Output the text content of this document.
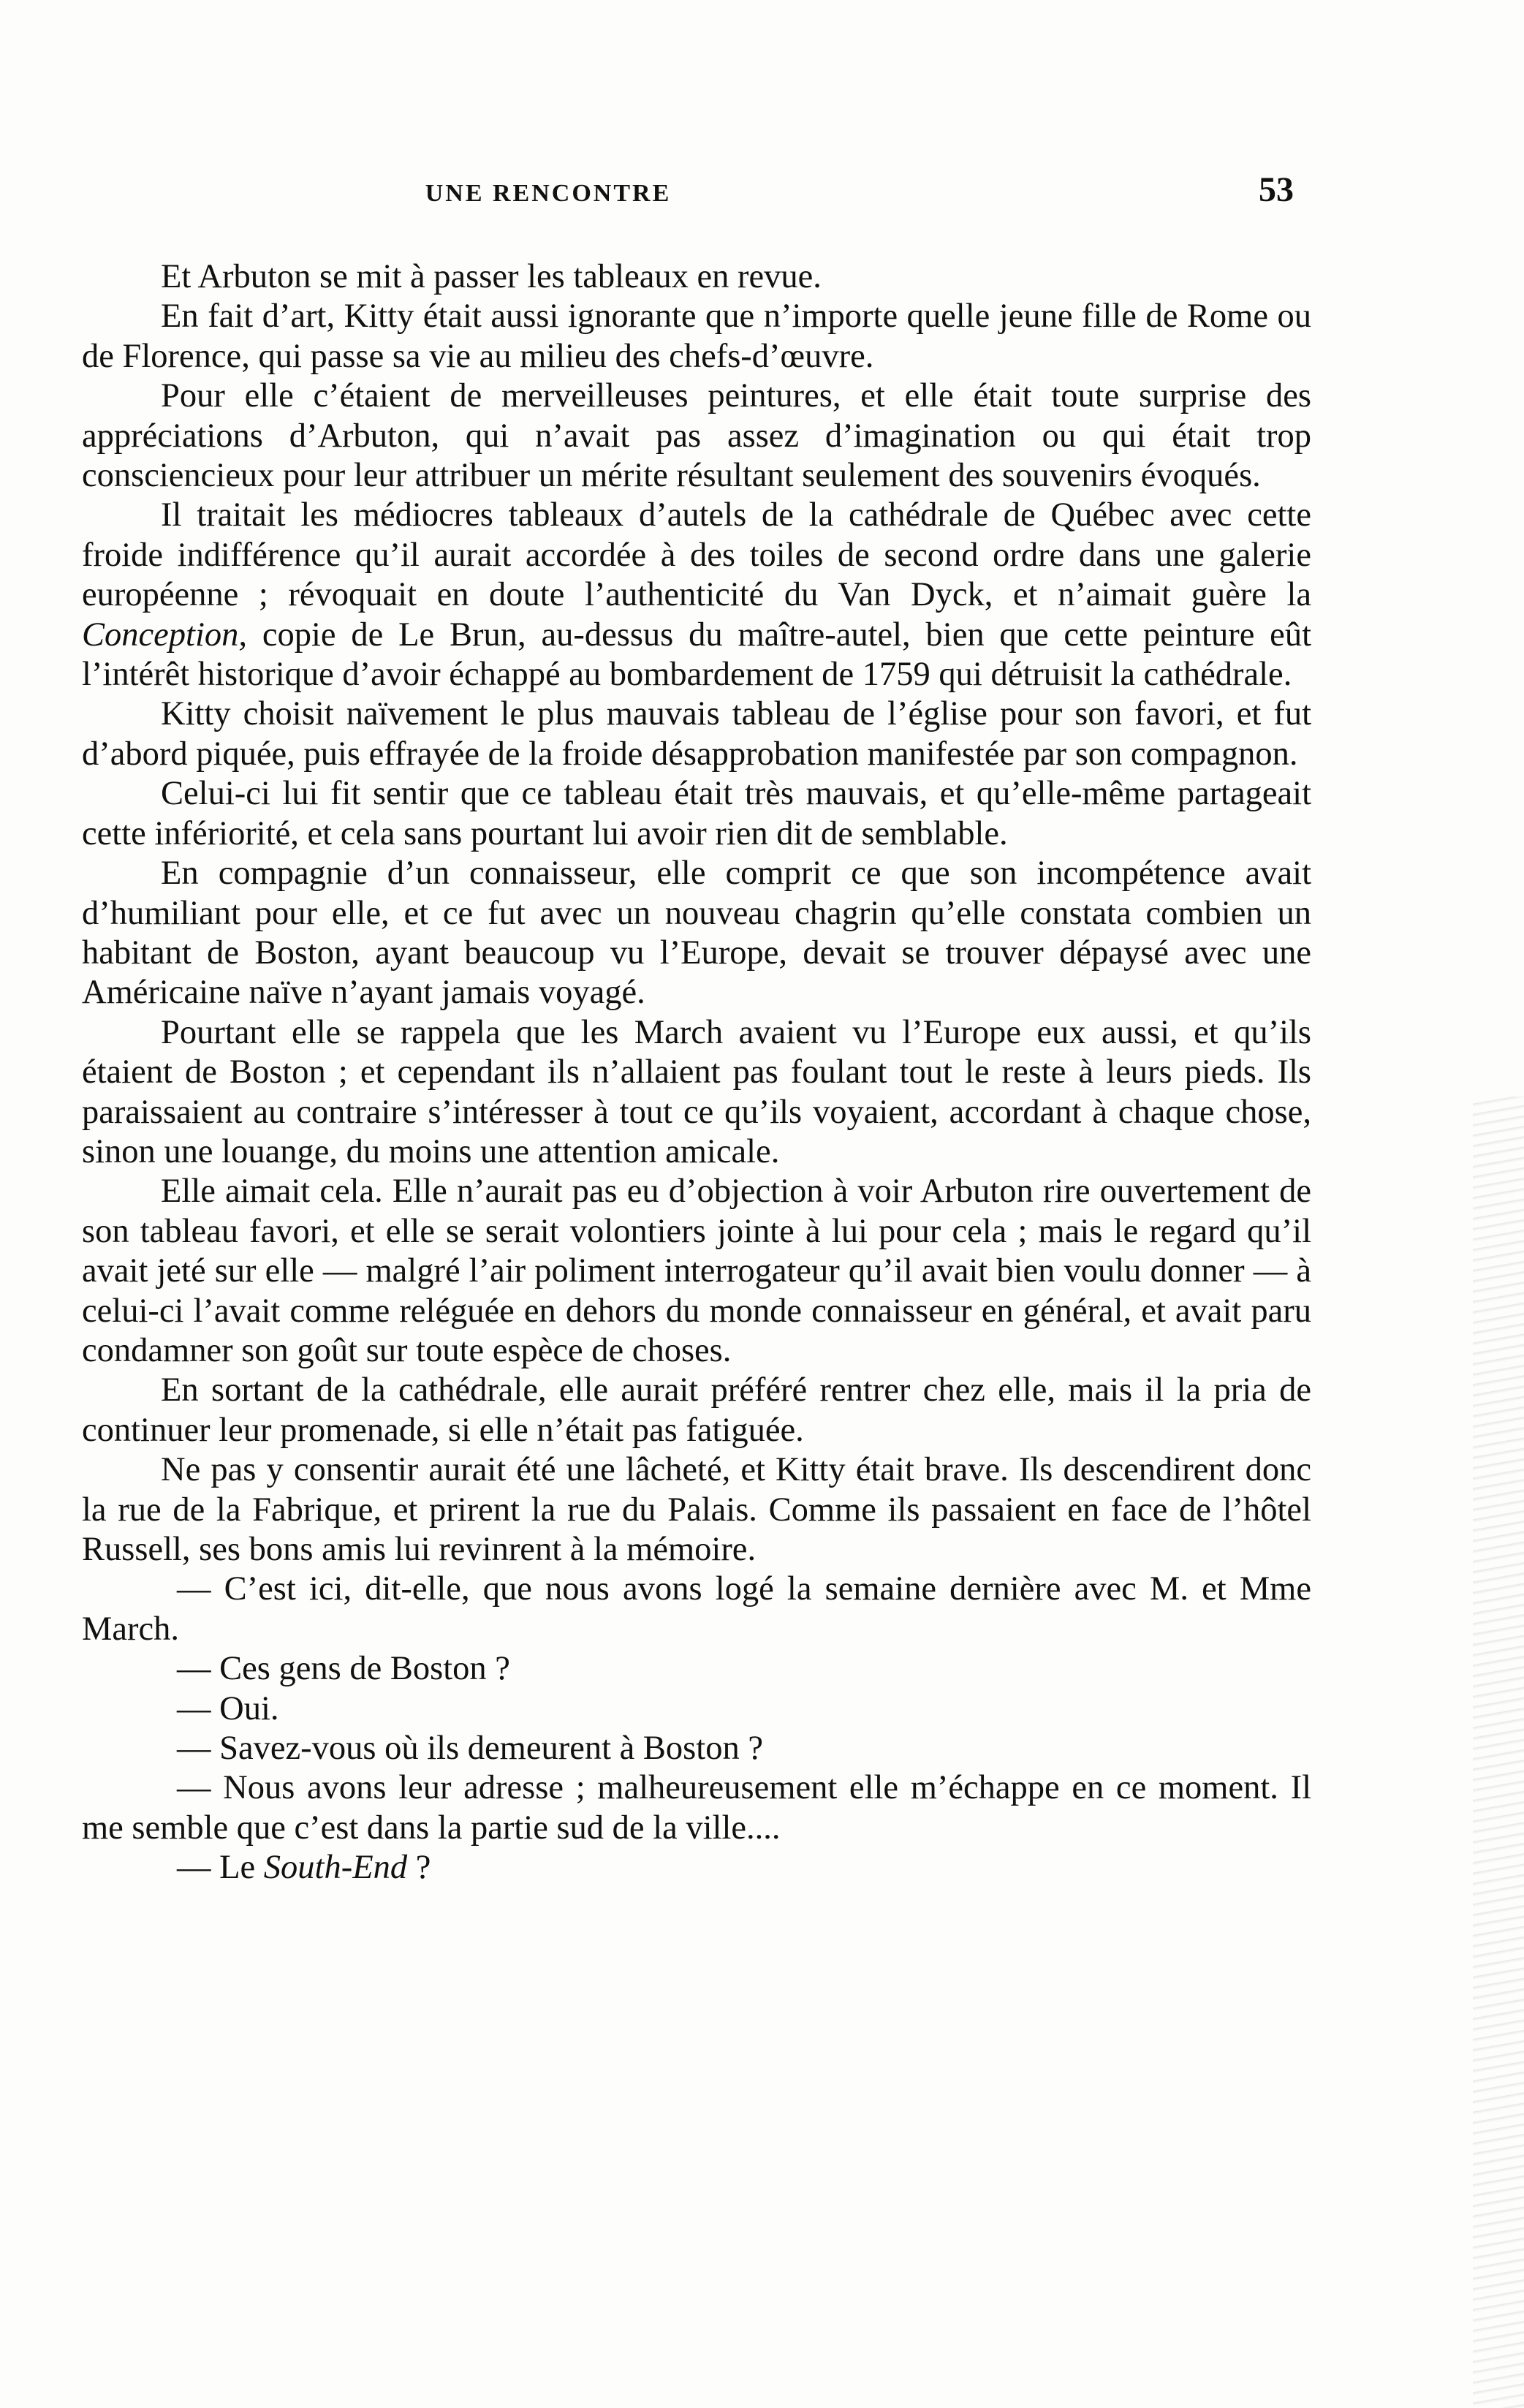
UNE RENCONTRE	53

Et Arbuton se mit à passer les tableaux en revue.

En fait d’art, Kitty était aussi ignorante que n’importe quelle jeune fille de Rome ou de Florence, qui passe sa vie au milieu des chefs-d’œuvre.

Pour elle c’étaient de merveilleuses peintures, et elle était toute surprise des appréciations d’Arbuton, qui n’avait pas assez d’imagination ou qui était trop consciencieux pour leur attribuer un mérite résultant seulement des souvenirs évoqués.

Il traitait les médiocres tableaux d’autels de la cathédrale de Québec avec cette froide indifférence qu’il aurait accordée à des toiles de second ordre dans une galerie européenne ; révoquait en doute l’authenticité du Van Dyck, et n’aimait guère la Conception, copie de Le Brun, au-dessus du maître-autel, bien que cette peinture eût l’intérêt historique d’avoir échappé au bombardement de 1759 qui détruisit la cathédrale.

Kitty choisit naïvement le plus mauvais tableau de l’église pour son favori, et fut d’abord piquée, puis effrayée de la froide désapprobation manifestée par son compagnon.

Celui-ci lui fit sentir que ce tableau était très mauvais, et qu’elle-même partageait cette infériorité, et cela sans pourtant lui avoir rien dit de semblable.

En compagnie d’un connaisseur, elle comprit ce que son incompétence avait d’humiliant pour elle, et ce fut avec un nouveau chagrin qu’elle constata combien un habitant de Boston, ayant beaucoup vu l’Europe, devait se trouver dépaysé avec une Américaine naïve n’ayant jamais voyagé.

Pourtant elle se rappela que les March avaient vu l’Europe eux aussi, et qu’ils étaient de Boston ; et cependant ils n’allaient pas foulant tout le reste à leurs pieds. Ils paraissaient au contraire s’intéresser à tout ce qu’ils voyaient, accordant à chaque chose, sinon une louange, du moins une attention amicale.

Elle aimait cela. Elle n’aurait pas eu d’objection à voir Arbuton rire ouvertement de son tableau favori, et elle se serait volontiers jointe à lui pour cela ; mais le regard qu’il avait jeté sur elle — malgré l’air poliment interrogateur qu’il avait bien voulu donner — à celui-ci l’avait comme reléguée en dehors du monde connaisseur en général, et avait paru condamner son goût sur toute espèce de choses.

En sortant de la cathédrale, elle aurait préféré rentrer chez elle, mais il la pria de continuer leur promenade, si elle n’était pas fatiguée.

Ne pas y consentir aurait été une lâcheté, et Kitty était brave. Ils descendirent donc la rue de la Fabrique, et prirent la rue du Palais. Comme ils passaient en face de l’hôtel Russell, ses bons amis lui revinrent à la mémoire.

— C’est ici, dit-elle, que nous avons logé la semaine dernière avec M. et Mme March.

— Ces gens de Boston ?

— Oui.

— Savez-vous où ils demeurent à Boston ?

— Nous avons leur adresse ; malheureusement elle m’échappe en ce moment. Il me semble que c’est dans la partie sud de la ville....

— Le South-End ?
